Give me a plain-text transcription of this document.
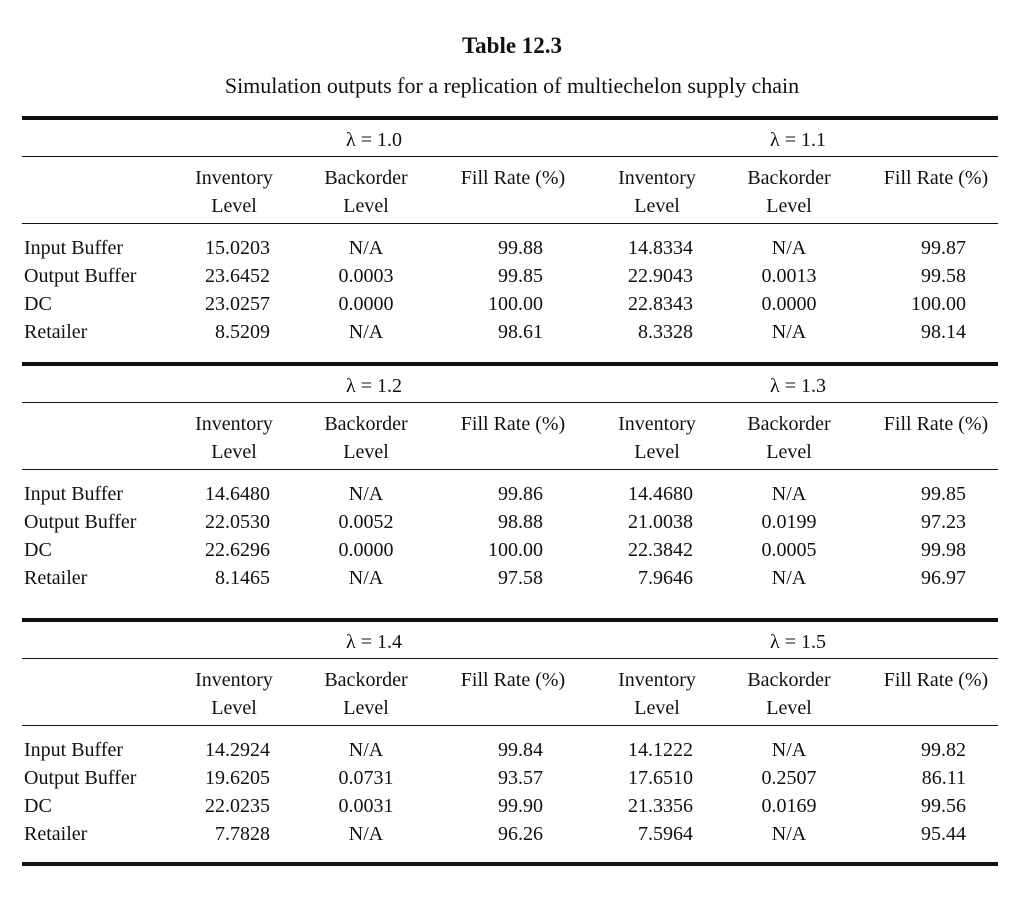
Table 12.3
Simulation outputs for a replication of multiechelon supply chain
λ = 1.0	λ = 1.1
Inventory
Level
Backorder
Level
Fill Rate (%)	Inventory
Level
Backorder
Level
Fill Rate (%)
Input Buffer	15.0203	N/A	99.88	14.8334	N/A	99.87
Output Buffer	23.6452	0.0003	99.85	22.9043	0.0013	99.58
DC	23.0257	0.0000	100.00	22.8343	0.0000	100.00
Retailer	8.5209	N/A	98.61	8.3328	N/A	98.14
λ = 1.2	λ = 1.3
Inventory
Level
Backorder
Level
Fill Rate (%)	Inventory
Level
Backorder
Level
Fill Rate (%)
Input Buffer	14.6480	N/A	99.86	14.4680	N/A	99.85
Output Buffer	22.0530	0.0052	98.88	21.0038	0.0199	97.23
DC	22.6296	0.0000	100.00	22.3842	0.0005	99.98
Retailer	8.1465	N/A	97.58	7.9646	N/A	96.97
λ = 1.4	λ = 1.5
Inventory
Level
Backorder
Level
Fill Rate (%)	Inventory
Level
Backorder
Level
Fill Rate (%)
Input Buffer	14.2924	N/A	99.84	14.1222	N/A	99.82
Output Buffer	19.6205	0.0731	93.57	17.6510	0.2507	86.11
DC	22.0235	0.0031	99.90	21.3356	0.0169	99.56
Retailer	7.7828	N/A	96.26	7.5964	N/A	95.44
